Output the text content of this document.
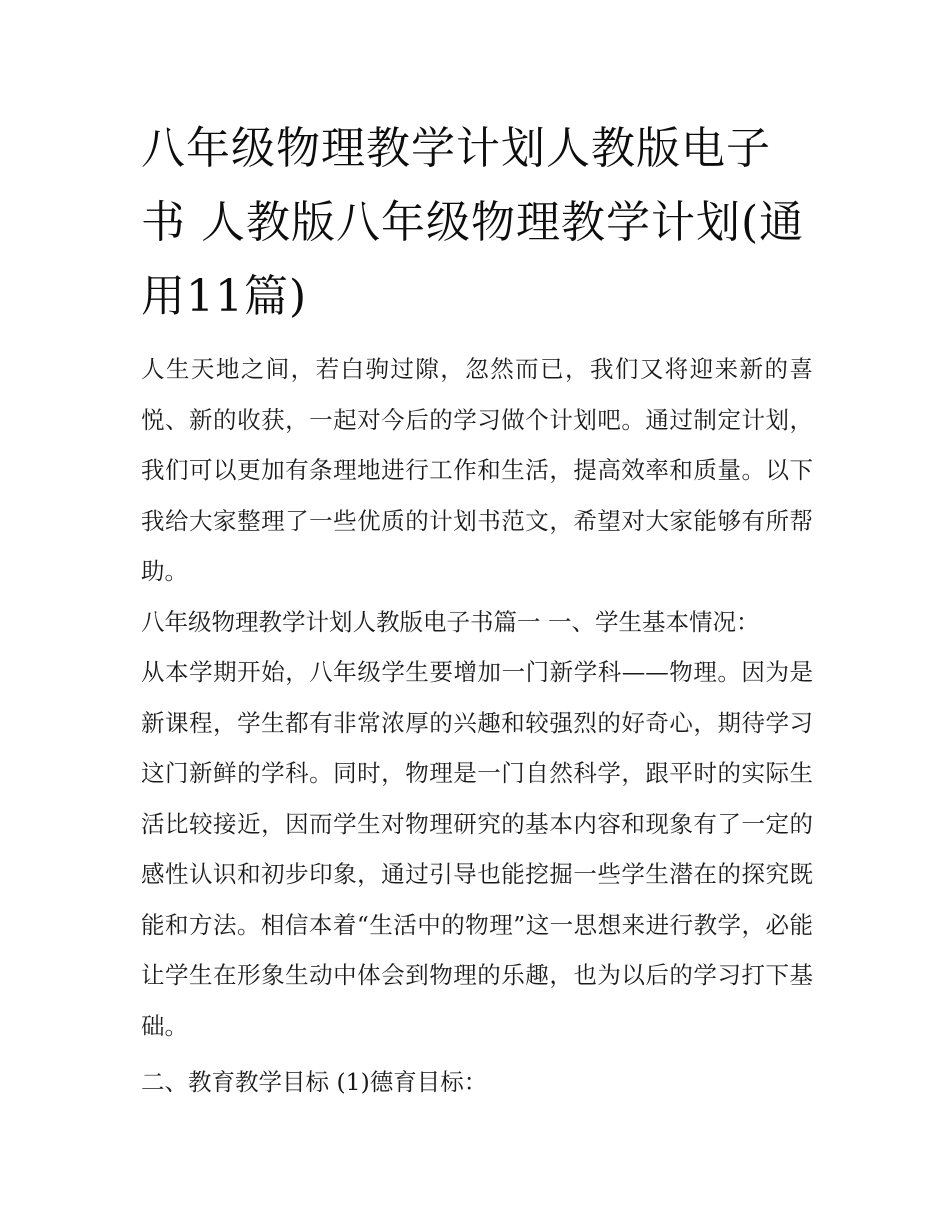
八年级物理教学计划人教版电子书 人教版八年级物理教学计划(通用11篇)

人生天地之间，若白驹过隙，忽然而已，我们又将迎来新的喜悦、新的收获，一起对今后的学习做个计划吧。通过制定计划，我们可以更加有条理地进行工作和生活，提高效率和质量。以下我给大家整理了一些优质的计划书范文，希望对大家能够有所帮助。

八年级物理教学计划人教版电子书篇一 一、学生基本情况：

从本学期开始，八年级学生要增加一门新学科——物理。因为是新课程，学生都有非常浓厚的兴趣和较强烈的好奇心，期待学习这门新鲜的学科。同时，物理是一门自然科学，跟平时的实际生活比较接近，因而学生对物理研究的基本内容和现象有了一定的感性认识和初步印象，通过引导也能挖掘一些学生潜在的探究既能和方法。相信本着“生活中的物理”这一思想来进行教学，必能让学生在形象生动中体会到物理的乐趣，也为以后的学习打下基础。

二、教育教学目标 (1)德育目标：
